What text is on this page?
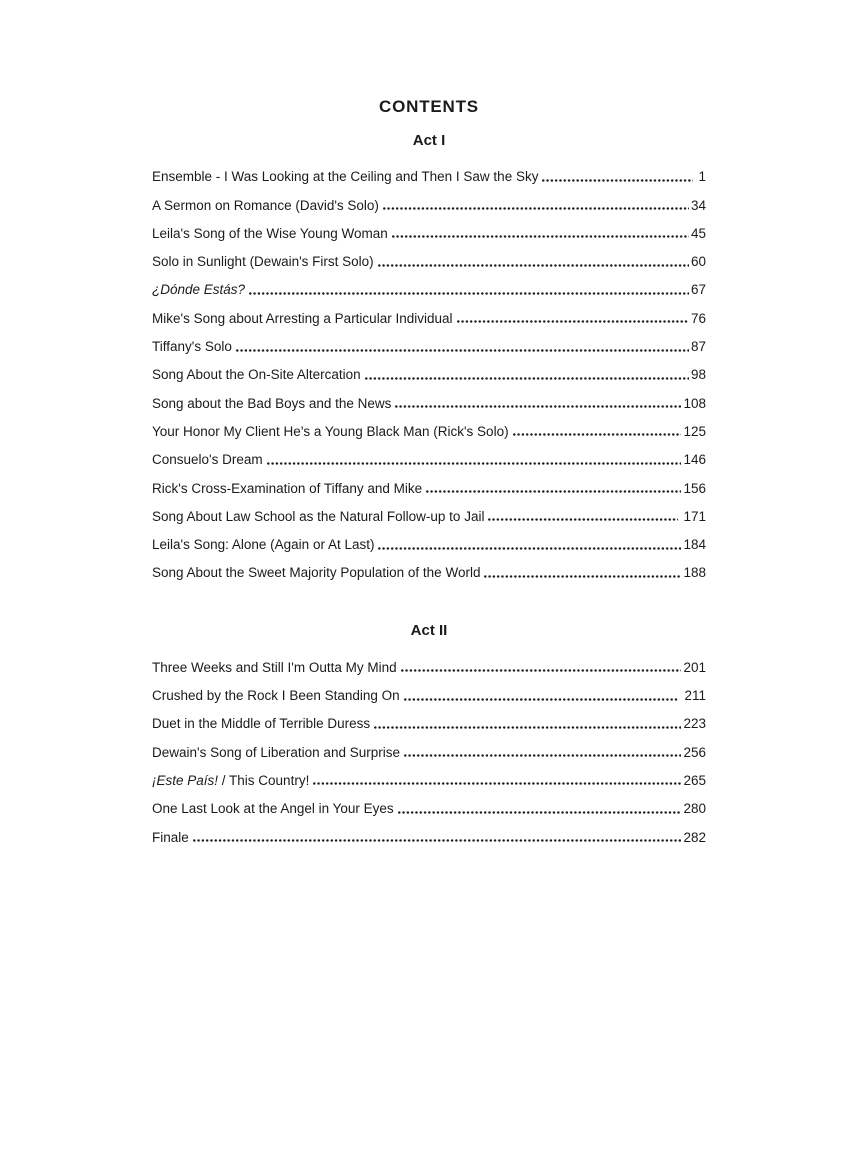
CONTENTS
Act I
Ensemble - I Was Looking at the Ceiling and Then I Saw the Sky	1
A Sermon on Romance (David's Solo)	34
Leila's Song of the Wise Young Woman	45
Solo in Sunlight (Dewain's First Solo)	60
¿Dónde Estás?	67
Mike's Song about Arresting a Particular Individual	76
Tiffany's Solo	87
Song About the On-Site Altercation	98
Song about the Bad Boys and the News	108
Your Honor My Client He's a Young Black Man (Rick's Solo)	125
Consuelo's Dream	146
Rick's Cross-Examination of Tiffany and Mike	156
Song About Law School as the Natural Follow-up to Jail	171
Leila's Song: Alone (Again or At Last)	184
Song About the Sweet Majority Population of the World	188
Act II
Three Weeks and Still I'm Outta My Mind	201
Crushed by the Rock I Been Standing On	211
Duet in the Middle of Terrible Duress	223
Dewain's Song of Liberation and Surprise	256
¡Este País! / This Country!	265
One Last Look at the Angel in Your Eyes	280
Finale	282
